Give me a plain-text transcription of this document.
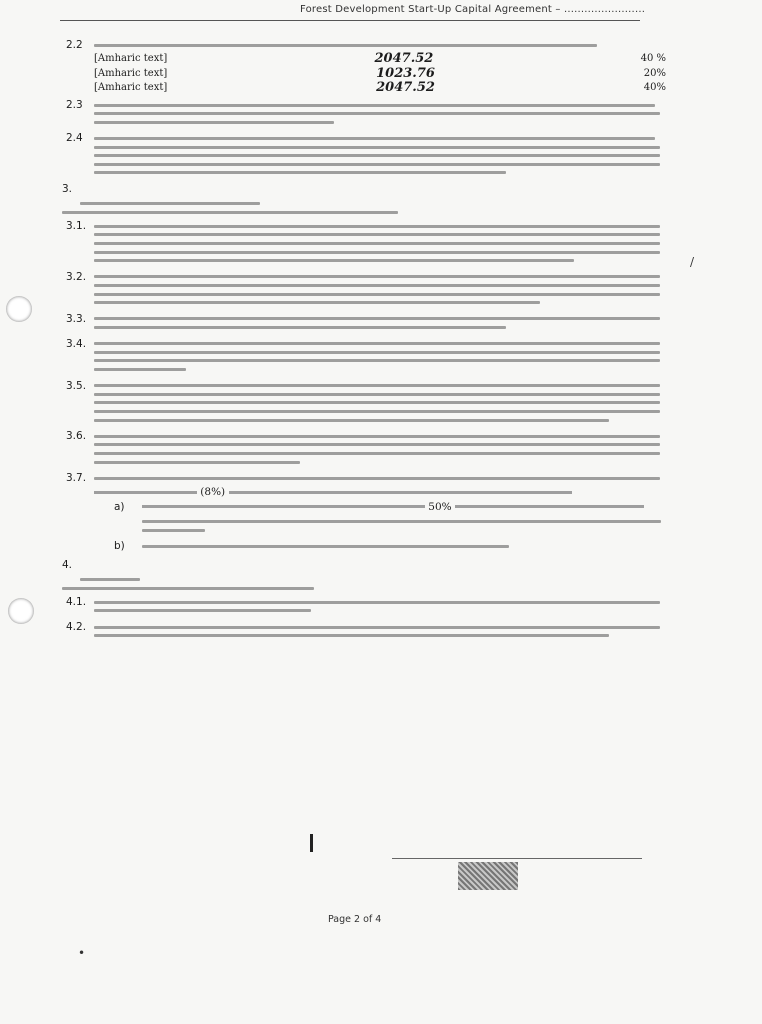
Forest Development Start-Up Capital Agreement – ........................
2.2
[Amharic text]	2047.52	40 %
[Amharic text]	1023.76	20%
[Amharic text]	2047.52	40%
2.3
2.4
3.
3.1.
3.2.
3.3.
3.4.
3.5.
3.6.
3.7.
(8%)
a)	50%
b)
4.
4.1.
4.2.
Page 2 of 4
/
•
